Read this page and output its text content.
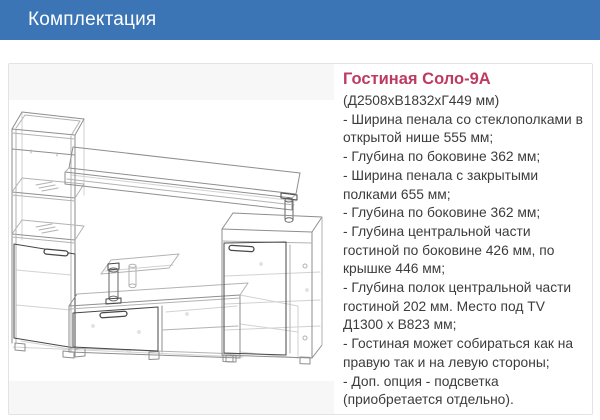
Комплектация
Гостиная Соло-9А
(Д2508хВ1832хГ449 мм)
- Ширина пенала со стеклополками в открытой нише 555 мм;
- Глубина по боковине 362 мм;
- Ширина пенала с закрытыми полками 655 мм;
- Глубина по боковине 362 мм;
- Глубина центральной части гостиной по боковине 426 мм, по крышке 446 мм;
- Глубина полок центральной части гостиной 202 мм. Место под TV Д1300 х В823 мм;
- Гостиная может собираться как на правую так и на левую стороны;
- Доп. опция - подсветка (приобретается отдельно).
